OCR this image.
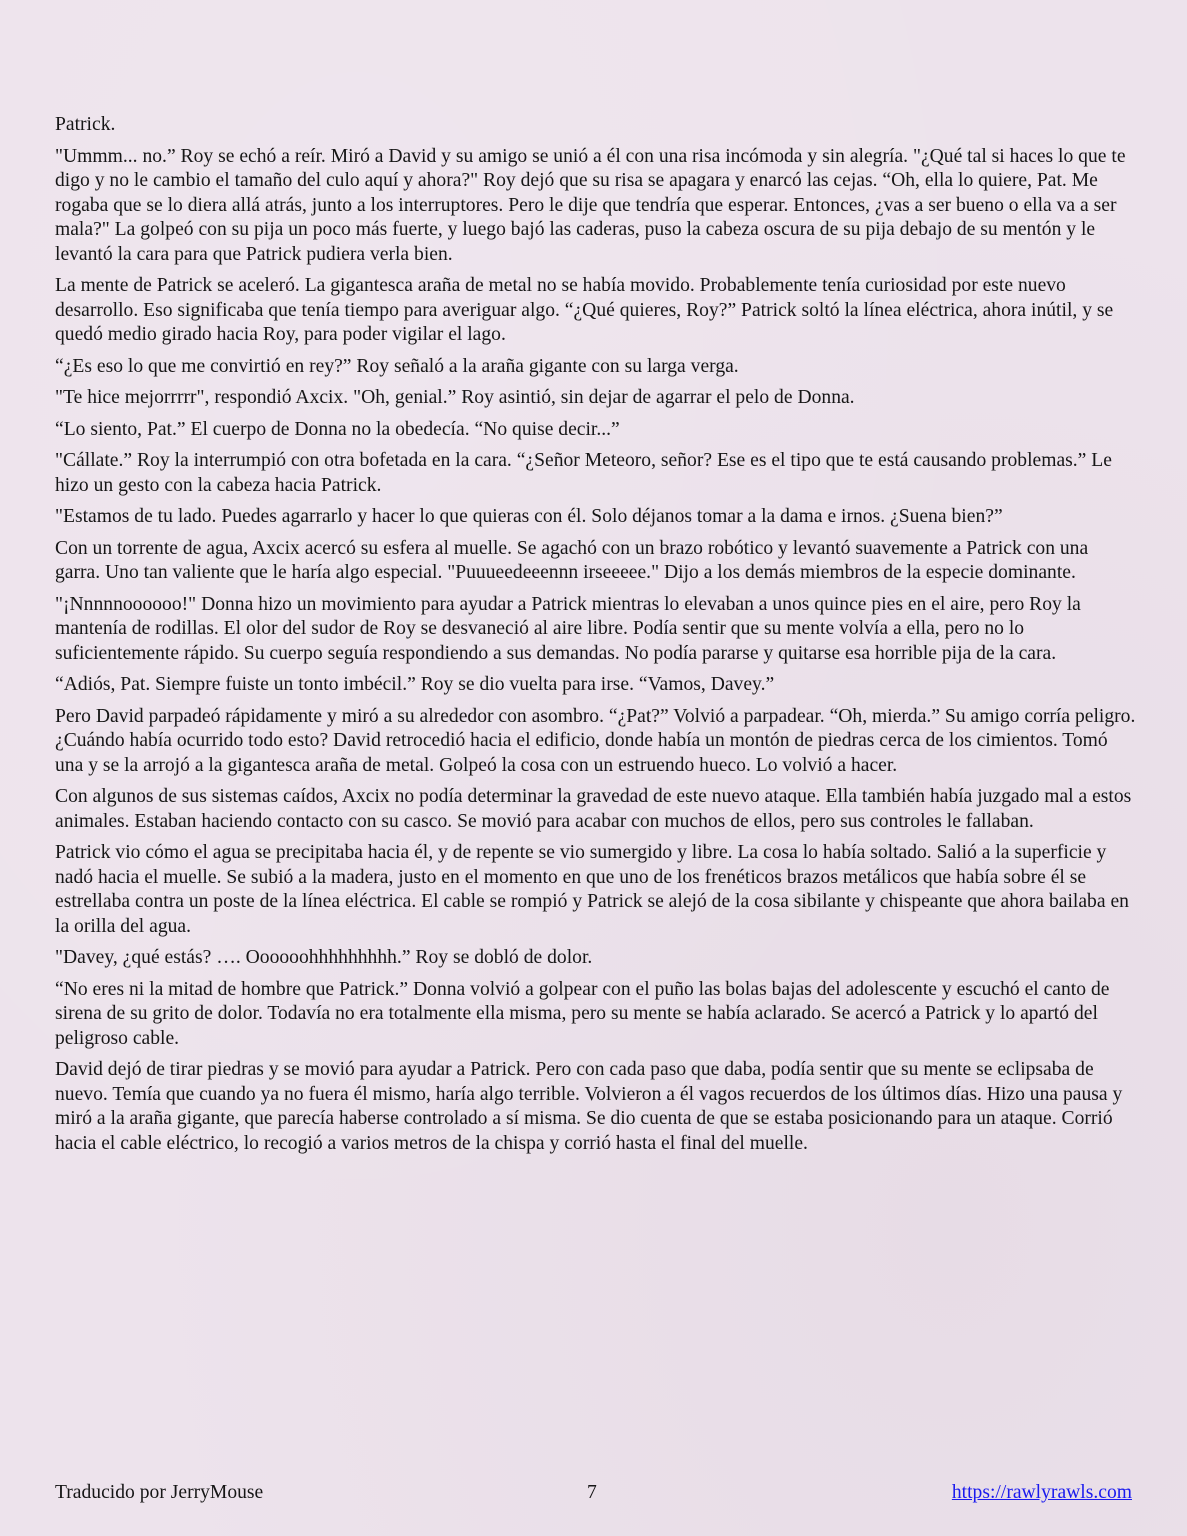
Patrick.

"Ummm... no.” Roy se echó a reír. Miró a David y su amigo se unió a él con una risa incómoda y sin alegría. "¿Qué tal si haces lo que te digo y no le cambio el tamaño del culo aquí y ahora?" Roy dejó que su risa se apagara y enarcó las cejas. “Oh, ella lo quiere, Pat. Me rogaba que se lo diera allá atrás, junto a los interruptores. Pero le dije que tendría que esperar. Entonces, ¿vas a ser bueno o ella va a ser mala?" La golpeó con su pija un poco más fuerte, y luego bajó las caderas, puso la cabeza oscura de su pija debajo de su mentón y le levantó la cara para que Patrick pudiera verla bien.

La mente de Patrick se aceleró. La gigantesca araña de metal no se había movido. Probablemente tenía curiosidad por este nuevo desarrollo. Eso significaba que tenía tiempo para averiguar algo. “¿Qué quieres, Roy?” Patrick soltó la línea eléctrica, ahora inútil, y se quedó medio girado hacia Roy, para poder vigilar el lago.

“¿Es eso lo que me convirtió en rey?” Roy señaló a la araña gigante con su larga verga.

"Te hice mejorrrrr", respondió Axcix. "Oh, genial.” Roy asintió, sin dejar de agarrar el pelo de Donna.

“Lo siento, Pat.” El cuerpo de Donna no la obedecía. “No quise decir...”

"Cállate.” Roy la interrumpió con otra bofetada en la cara. “¿Señor Meteoro, señor? Ese es el tipo que te está causando problemas.” Le hizo un gesto con la cabeza hacia Patrick.

"Estamos de tu lado. Puedes agarrarlo y hacer lo que quieras con él. Solo déjanos tomar a la dama e irnos. ¿Suena bien?”

Con un torrente de agua, Axcix acercó su esfera al muelle. Se agachó con un brazo robótico y levantó suavemente a Patrick con una garra. Uno tan valiente que le haría algo especial. "Puuueedeeennn irseeeee." Dijo a los demás miembros de la especie dominante.

"¡Nnnnnoooooo!" Donna hizo un movimiento para ayudar a Patrick mientras lo elevaban a unos quince pies en el aire, pero Roy la mantenía de rodillas. El olor del sudor de Roy se desvaneció al aire libre. Podía sentir que su mente volvía a ella, pero no lo suficientemente rápido. Su cuerpo seguía respondiendo a sus demandas. No podía pararse y quitarse esa horrible pija de la cara.

“Adiós, Pat. Siempre fuiste un tonto imbécil.” Roy se dio vuelta para irse. “Vamos, Davey.”

Pero David parpadeó rápidamente y miró a su alrededor con asombro. “¿Pat?” Volvió a parpadear. “Oh, mierda.” Su amigo corría peligro. ¿Cuándo había ocurrido todo esto? David retrocedió hacia el edificio, donde había un montón de piedras cerca de los cimientos. Tomó una y se la arrojó a la gigantesca araña de metal. Golpeó la cosa con un estruendo hueco. Lo volvió a hacer.

Con algunos de sus sistemas caídos, Axcix no podía determinar la gravedad de este nuevo ataque. Ella también había juzgado mal a estos animales. Estaban haciendo contacto con su casco. Se movió para acabar con muchos de ellos, pero sus controles le fallaban.

Patrick vio cómo el agua se precipitaba hacia él, y de repente se vio sumergido y libre. La cosa lo había soltado. Salió a la superficie y nadó hacia el muelle. Se subió a la madera, justo en el momento en que uno de los frenéticos brazos metálicos que había sobre él se estrellaba contra un poste de la línea eléctrica. El cable se rompió y Patrick se alejó de la cosa sibilante y chispeante que ahora bailaba en la orilla del agua.

"Davey, ¿qué estás? …. Oooooohhhhhhhhh.” Roy se dobló de dolor.

“No eres ni la mitad de hombre que Patrick.” Donna volvió a golpear con el puño las bolas bajas del adolescente y escuchó el canto de sirena de su grito de dolor. Todavía no era totalmente ella misma, pero su mente se había aclarado. Se acercó a Patrick y lo apartó del peligroso cable.

David dejó de tirar piedras y se movió para ayudar a Patrick. Pero con cada paso que daba, podía sentir que su mente se eclipsaba de nuevo. Temía que cuando ya no fuera él mismo, haría algo terrible. Volvieron a él vagos recuerdos de los últimos días. Hizo una pausa y miró a la araña gigante, que parecía haberse controlado a sí misma. Se dio cuenta de que se estaba posicionando para un ataque. Corrió hacia el cable eléctrico, lo recogió a varios metros de la chispa y corrió hasta el final del muelle.

Traducido por JerryMouse	7	https://rawlyrawls.com
